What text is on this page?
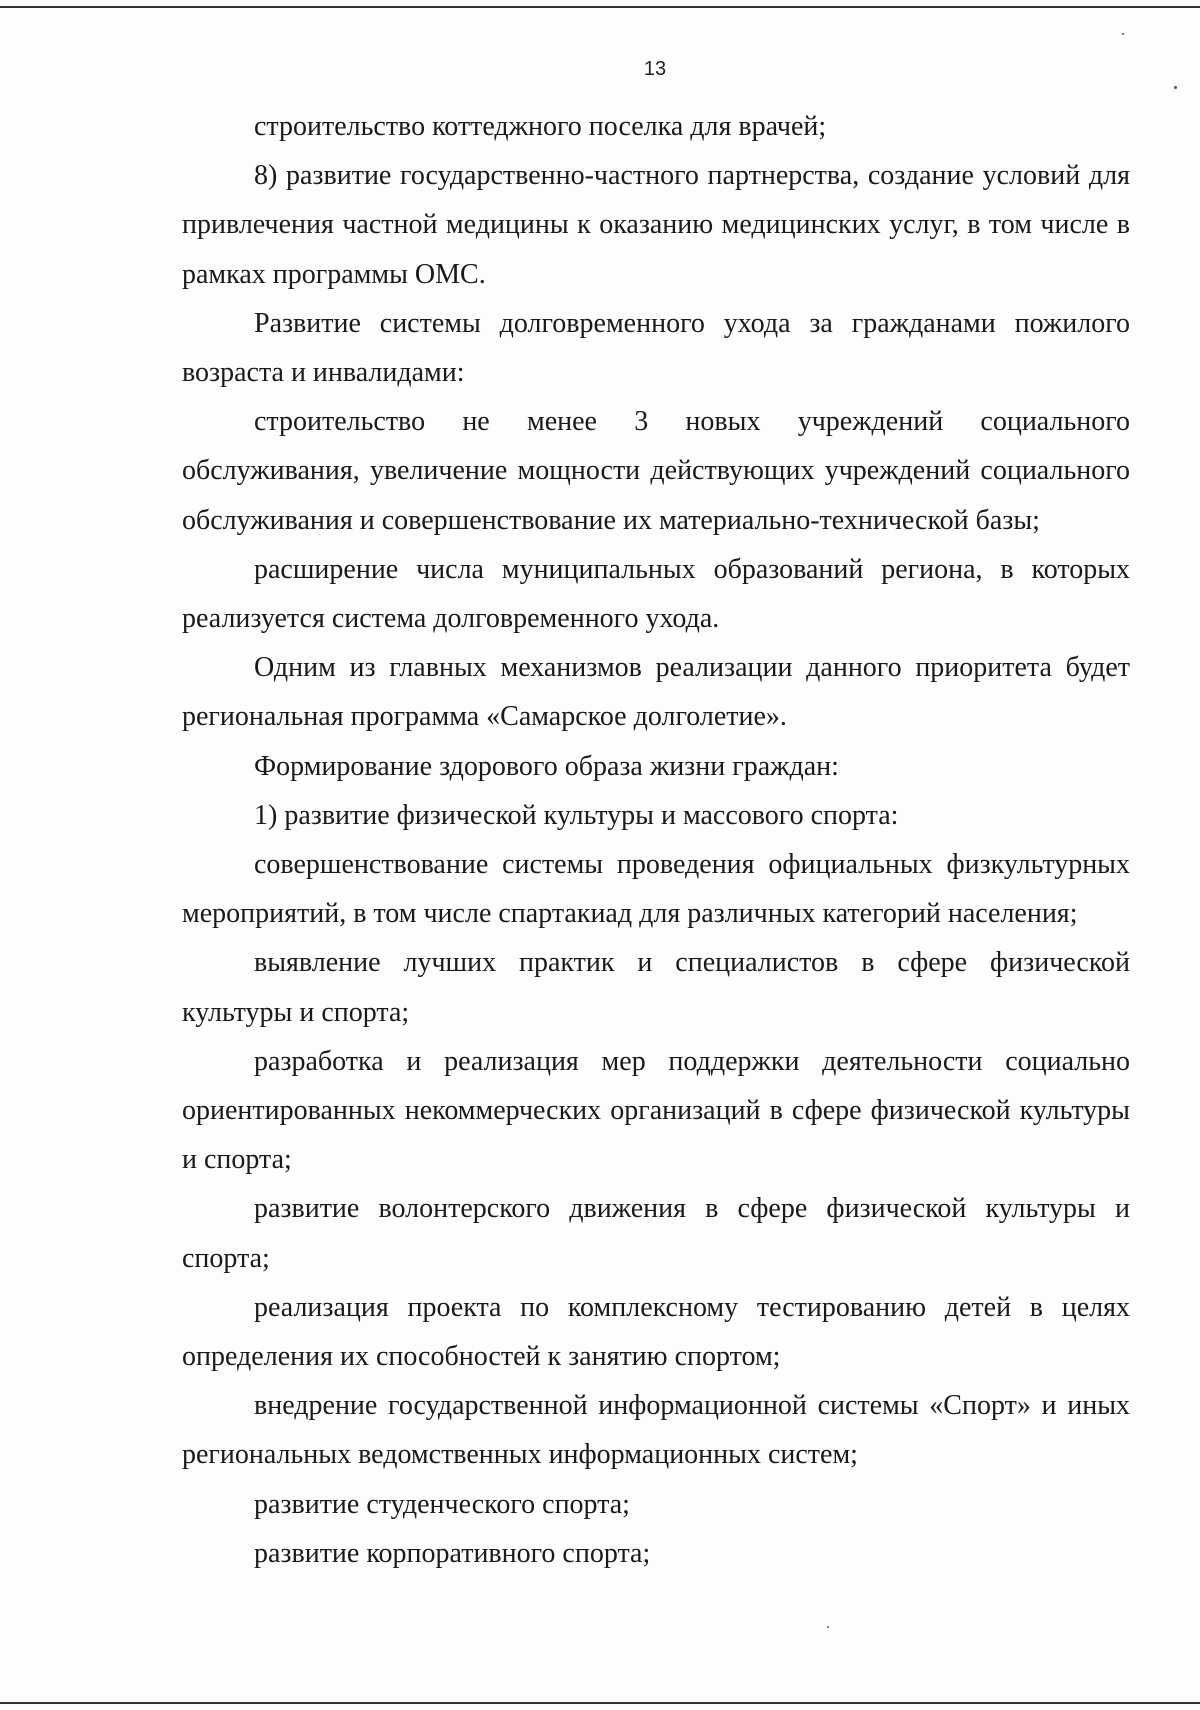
13

строительство коттеджного поселка для врачей;

8) развитие государственно-частного партнерства, создание условий для привлечения частной медицины к оказанию медицинских услуг, в том числе в рамках программы ОМС.

Развитие системы долговременного ухода за гражданами пожилого возраста и инвалидами:

строительство не менее 3 новых учреждений социального обслуживания, увеличение мощности действующих учреждений социального обслуживания и совершенствование их материально-технической базы;

расширение числа муниципальных образований региона, в которых реализуется система долговременного ухода.

Одним из главных механизмов реализации данного приоритета будет региональная программа «Самарское долголетие».

Формирование здорового образа жизни граждан:

1) развитие физической культуры и массового спорта:

совершенствование системы проведения официальных физкультурных мероприятий, в том числе спартакиад для различных категорий населения;

выявление лучших практик и специалистов в сфере физической культуры и спорта;

разработка и реализация мер поддержки деятельности социально ориентированных некоммерческих организаций в сфере физической культуры и спорта;

развитие волонтерского движения в сфере физической культуры и спорта;

реализация проекта по комплексному тестированию детей в целях определения их способностей к занятию спортом;

внедрение государственной информационной системы «Спорт» и иных региональных ведомственных информационных систем;

развитие студенческого спорта;

развитие корпоративного спорта;
